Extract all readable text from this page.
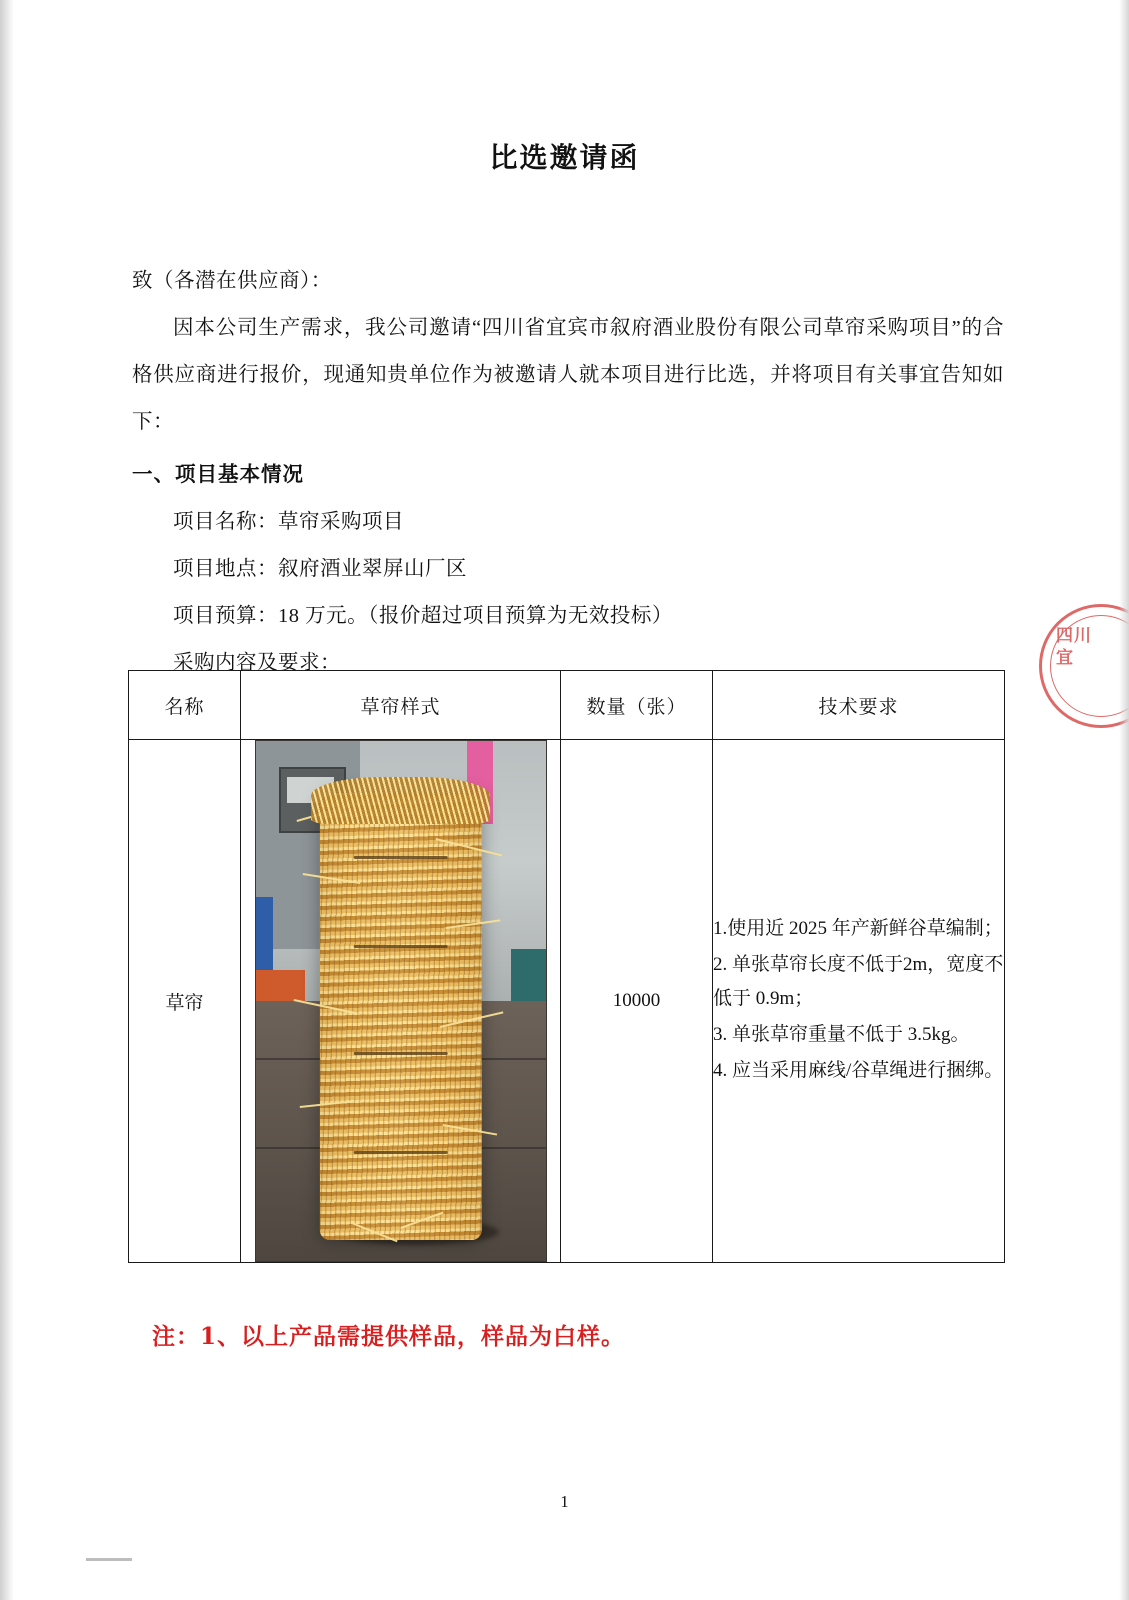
比选邀请函

致（各潜在供应商）：

因本公司生产需求，我公司邀请“四川省宜宾市叙府酒业股份有限公司草帘采购项目”的合格供应商进行报价，现通知贵单位作为被邀请人就本项目进行比选，并将项目有关事宜告知如下：

一、项目基本情况

项目名称：草帘采购项目

项目地点：叙府酒业翠屏山厂区

项目预算：18 万元。（报价超过项目预算为无效投标）

采购内容及要求：

名称	草帘样式	数量（张）	技术要求
草帘		10000	1.使用近 2025 年产新鲜谷草编制；

2. 单张草帘长度不低于2m，宽度不低于 0.9m；

3. 单张草帘重量不低于 3.5kg。

4. 应当采用麻线/谷草绳进行捆绑。

注：1、以上产品需提供样品，样品为白样。
四川宜
1
